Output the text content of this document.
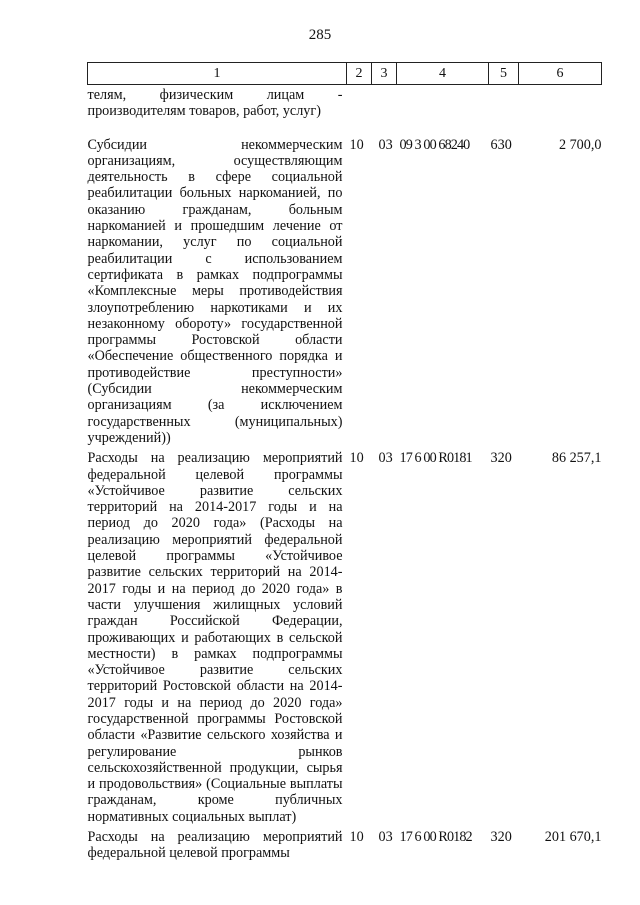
285
1	2	3	4	5	6
телям, физическим лицам - производителям товаров, работ, услуг)					
Субсидии некоммерческим организациям, осуществляющим деятельность в сфере социальной реабилитации больных наркоманией, по оказанию гражданам, больным наркоманией и прошедшим лечение от наркомании, услуг по социальной реабилитации с использованием сертификата в рамках подпрограммы «Комплексные меры противодействия злоупотреблению наркотиками и их незаконному обороту» государственной программы Ростовской области «Обеспечение общественного порядка и противодействие преступности» (Субсидии некоммерческим организациям (за исключением государственных (муниципальных) учреждений))	10	03	09 3 00 68240	630	2 700,0
Расходы на реализацию мероприятий федеральной целевой программы «Устойчивое развитие сельских территорий на 2014-2017 годы и на период до 2020 года» (Расходы на реализацию мероприятий федеральной целевой программы «Устойчивое развитие сельских территорий на 2014-2017 годы и на период до 2020 года» в части улучшения жилищных условий граждан Российской Федерации, проживающих и работающих в сельской местности) в рамках подпрограммы «Устойчивое развитие сельских территорий Ростовской области на 2014-2017 годы и на период до 2020 года» государственной программы Ростовской области «Развитие сельского хозяйства и регулирование рынков сельскохозяйственной продукции, сырья и продовольствия» (Социальные выплаты гражданам, кроме публичных нормативных социальных выплат)	10	03	17 6 00 R0181	320	86 257,1
Расходы на реализацию мероприятий федеральной целевой программы	10	03	17 6 00 R0182	320	201 670,1
